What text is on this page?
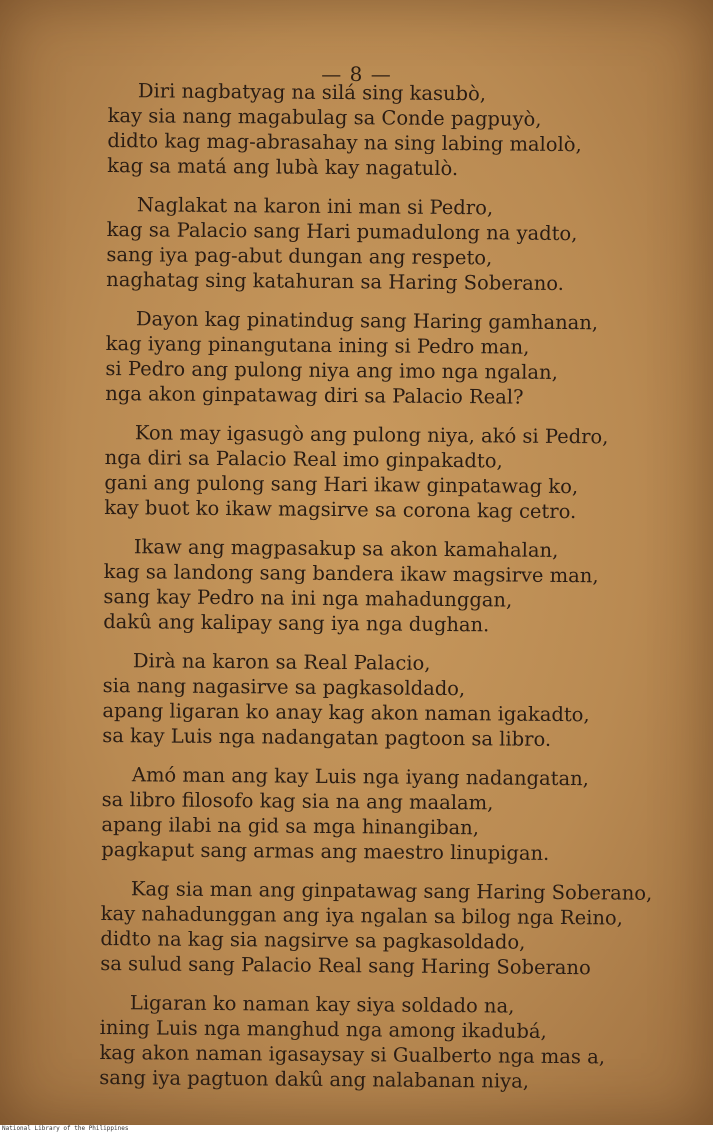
— 8 —
Diri nagbatyag na silá sing kasubò,
kay sia nang magabulag sa Conde pagpuyò,
didto kag mag-abrasahay na sing labing malolò,
kag sa matá ang lubà kay nagatulò.
Naglakat na karon ini man si Pedro,
kag sa Palacio sang Hari pumadulong na yadto,
sang iya pag-abut dungan ang respeto,
naghatag sing katahuran sa Haring Soberano.
Dayon kag pinatindug sang Haring gamhanan,
kag iyang pinangutana ining si Pedro man,
si Pedro ang pulong niya ang imo nga ngalan,
nga akon ginpatawag diri sa Palacio Real?
Kon may igasugò ang pulong niya, akó si Pedro,
nga diri sa Palacio Real imo ginpakadto,
gani ang pulong sang Hari ikaw ginpatawag ko,
kay buot ko ikaw magsirve sa corona kag cetro.
Ikaw ang magpasakup sa akon kamahalan,
kag sa landong sang bandera ikaw magsirve man,
sang kay Pedro na ini nga mahadunggan,
dakû ang kalipay sang iya nga dughan.
Dirà na karon sa Real Palacio,
sia nang nagasirve sa pagkasoldado,
apang ligaran ko anay kag akon naman igakadto,
sa kay Luis nga nadangatan pagtoon sa libro.
Amó man ang kay Luis nga iyang nadangatan,
sa libro filosofo kag sia na ang maalam,
apang ilabi na gid sa mga hinangiban,
pagkaput sang armas ang maestro linupigan.
Kag sia man ang ginpatawag sang Haring Soberano,
kay nahadunggan ang iya ngalan sa bilog nga Reino,
didto na kag sia nagsirve sa pagkasoldado,
sa sulud sang Palacio Real sang Haring Soberano
Ligaran ko naman kay siya soldado na,
ining Luis nga manghud nga among ikadubá,
kag akon naman igasaysay si Gualberto nga mas a,
sang iya pagtuon dakû ang nalabanan niya,
National Library of the Philippines
